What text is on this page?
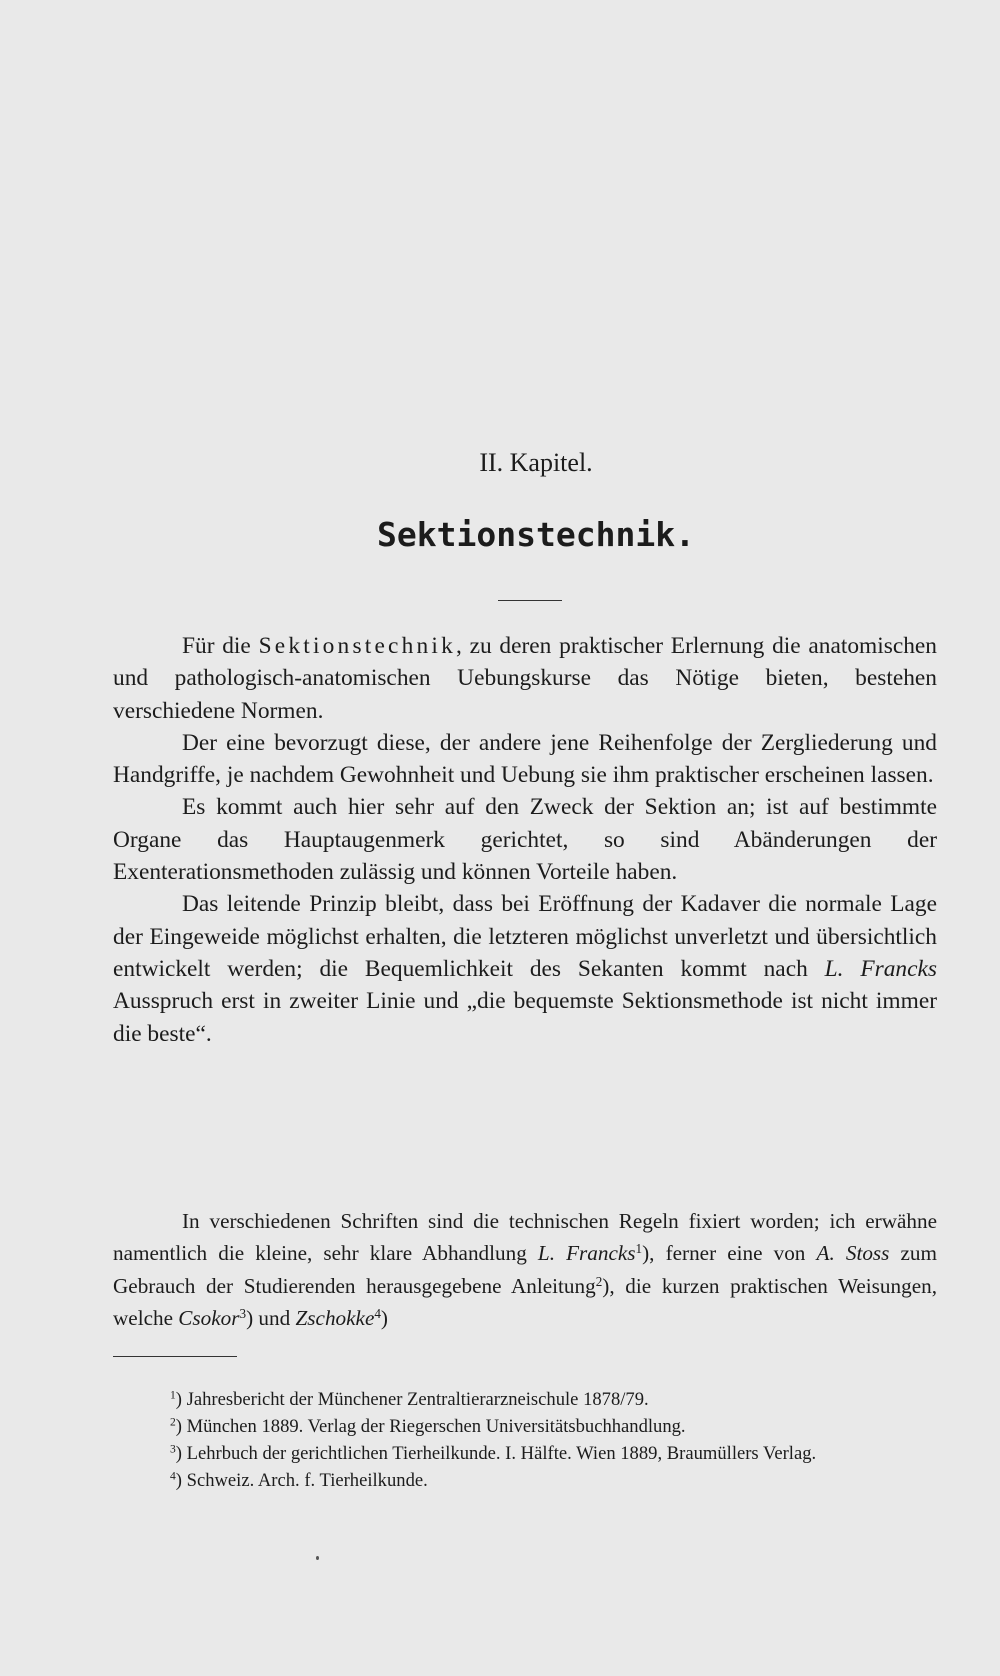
II. Kapitel.
Sektionstechnik.

Für die Sektionstechnik, zu deren praktischer Erlernung die anatomischen und pathologisch-anatomischen Uebungskurse das Nötige bieten, bestehen verschiedene Normen.

Der eine bevorzugt diese, der andere jene Reihenfolge der Zergliederung und Handgriffe, je nachdem Gewohnheit und Uebung sie ihm praktischer erscheinen lassen.

Es kommt auch hier sehr auf den Zweck der Sektion an; ist auf bestimmte Organe das Hauptaugenmerk gerichtet, so sind Abänderungen der Exenterationsmethoden zulässig und können Vorteile haben.

Das leitende Prinzip bleibt, dass bei Eröffnung der Kadaver die normale Lage der Eingeweide möglichst erhalten, die letzteren möglichst unverletzt und übersichtlich entwickelt werden; die Bequemlichkeit des Sekanten kommt nach L. Francks Ausspruch erst in zweiter Linie und „die bequemste Sektionsmethode ist nicht immer die beste“.

In verschiedenen Schriften sind die technischen Regeln fixiert worden; ich erwähne namentlich die kleine, sehr klare Abhandlung L. Francks$^1$), ferner eine von A. Stoss zum Gebrauch der Studierenden herausgegebene Anleitung$^2$), die kurzen praktischen Weisungen, welche Csokor$^3$) und Zschokke$^4$)

$^1$) Jahresbericht der Münchener Zentraltierarzneischule 1878/79.

$^2$) München 1889. Verlag der Riegerschen Universitätsbuchhandlung.

$^3$) Lehrbuch der gerichtlichen Tierheilkunde. I. Hälfte. Wien 1889, Braumüllers Verlag.

$^4$) Schweiz. Arch. f. Tierheilkunde.
